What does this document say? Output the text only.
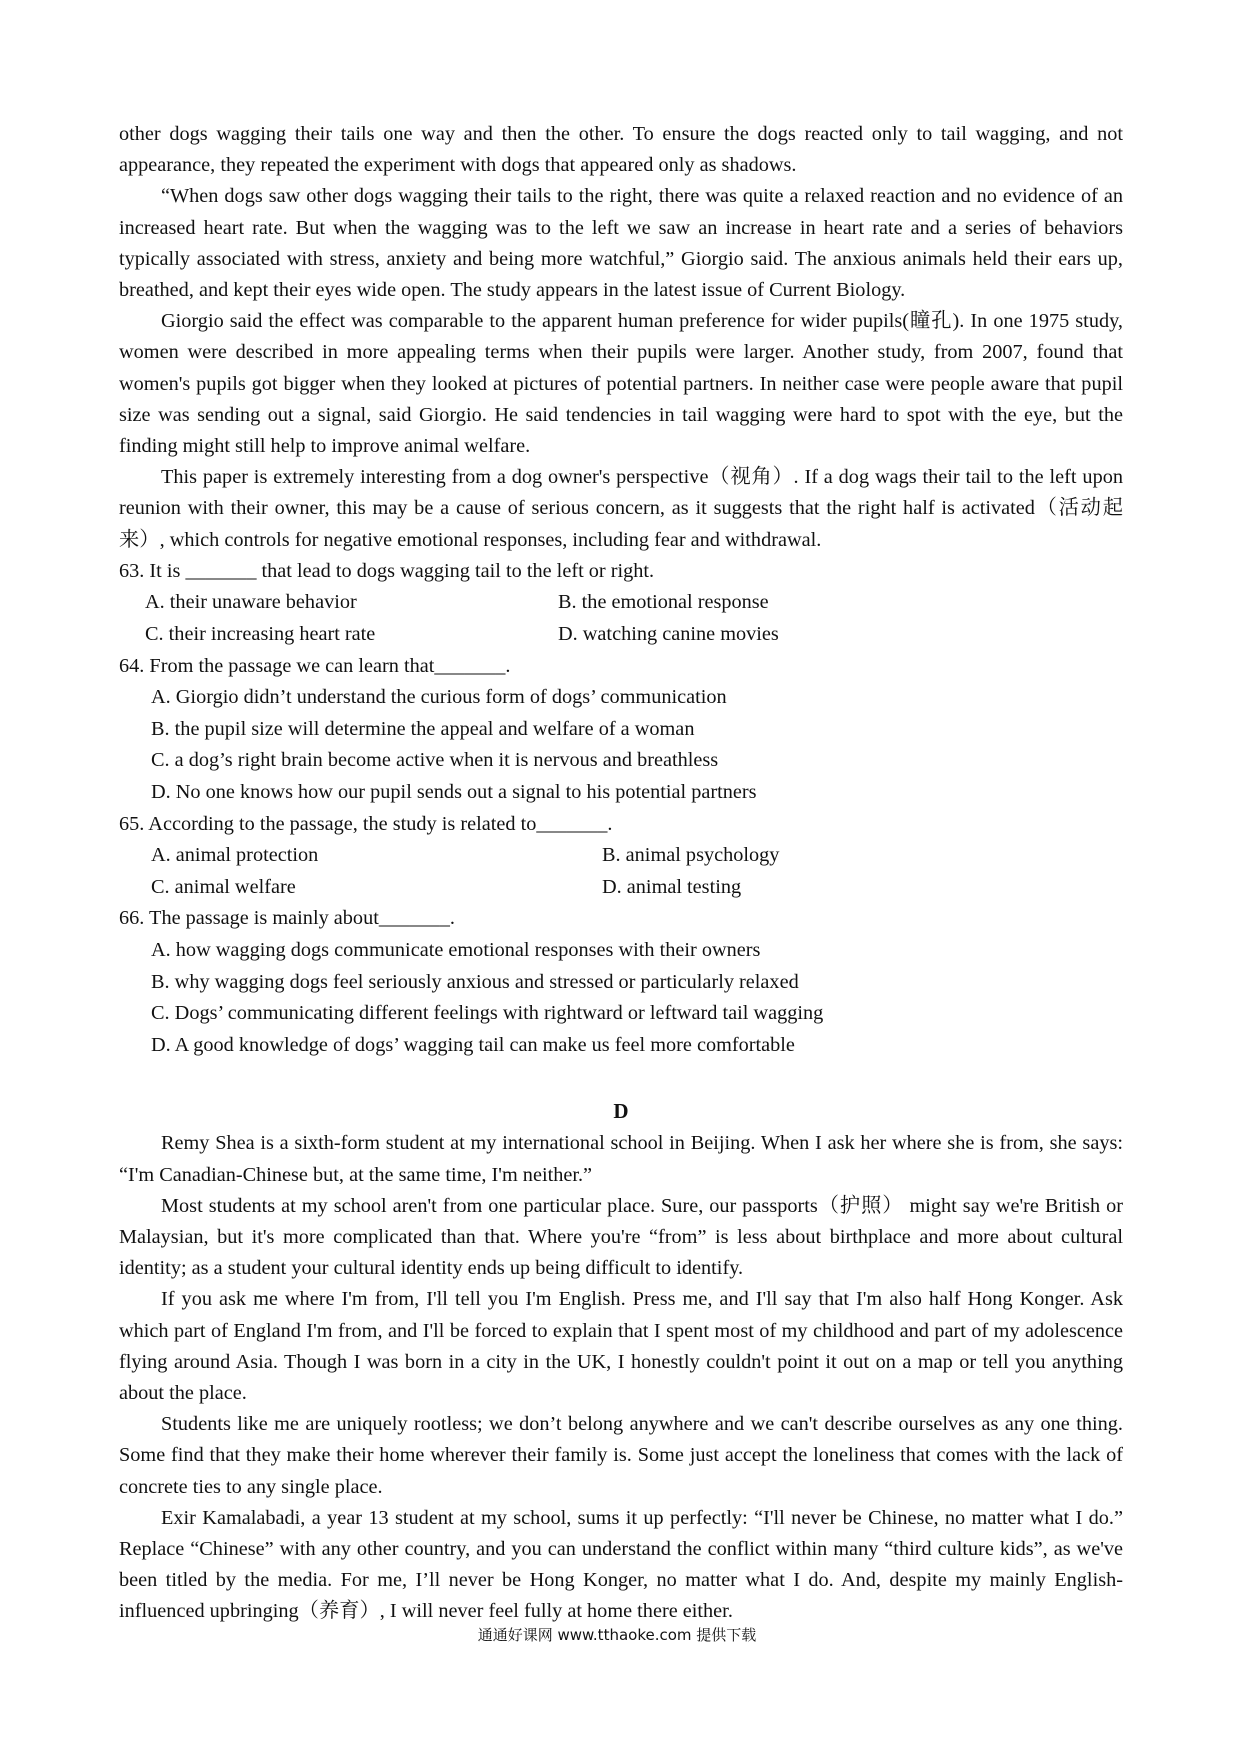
other dogs wagging their tails one way and then the other. To ensure the dogs reacted only to tail wagging, and not appearance, they repeated the experiment with dogs that appeared only as shadows.

“When dogs saw other dogs wagging their tails to the right, there was quite a relaxed reaction and no evidence of an increased heart rate. But when the wagging was to the left we saw an increase in heart rate and a series of behaviors typically associated with stress, anxiety and being more watchful,” Giorgio said. The anxious animals held their ears up, breathed, and kept their eyes wide open. The study appears in the latest issue of Current Biology.

Giorgio said the effect was comparable to the apparent human preference for wider pupils(瞳孔). In one 1975 study, women were described in more appealing terms when their pupils were larger. Another study, from 2007, found that women's pupils got bigger when they looked at pictures of potential partners. In neither case were people aware that pupil size was sending out a signal, said Giorgio. He said tendencies in tail wagging were hard to spot with the eye, but the finding might still help to improve animal welfare.

This paper is extremely interesting from a dog owner's perspective（视角）. If a dog wags their tail to the left upon reunion with their owner, this may be a cause of serious concern, as it suggests that the right half is activated（活动起来）, which controls for negative emotional responses, including fear and withdrawal.

63. It is _______ that lead to dogs wagging tail to the left or right.

A. their unaware behavior	B. the emotional response
C. their increasing heart rate	D. watching canine movies

64. From the passage we can learn that_______.

A. Giorgio didn’t understand the curious form of dogs’ communication

B. the pupil size will determine the appeal and welfare of a woman

C. a dog’s right brain become active when it is nervous and breathless

D. No one knows how our pupil sends out a signal to his potential partners

65. According to the passage, the study is related to_______.

A. animal protection	B. animal psychology
C. animal welfare	D. animal testing

66. The passage is mainly about_______.

A. how wagging dogs communicate emotional responses with their owners

B. why wagging dogs feel seriously anxious and stressed or particularly relaxed

C. Dogs’ communicating different feelings with rightward or leftward tail wagging

D. A good knowledge of dogs’ wagging tail can make us feel more comfortable

D

Remy Shea is a sixth-form student at my international school in Beijing. When I ask her where she is from, she says: “I'm Canadian-Chinese but, at the same time, I'm neither.”

Most students at my school aren't from one particular place. Sure, our passports（护照） might say we're British or Malaysian, but it's more complicated than that. Where you're “from” is less about birthplace and more about cultural identity; as a student your cultural identity ends up being difficult to identify.

If you ask me where I'm from, I'll tell you I'm English. Press me, and I'll say that I'm also half Hong Konger. Ask which part of England I'm from, and I'll be forced to explain that I spent most of my childhood and part of my adolescence flying around Asia. Though I was born in a city in the UK, I honestly couldn't point it out on a map or tell you anything about the place.

Students like me are uniquely rootless; we don’t belong anywhere and we can't describe ourselves as any one thing. Some find that they make their home wherever their family is. Some just accept the loneliness that comes with the lack of concrete ties to any single place.

Exir Kamalabadi, a year 13 student at my school, sums it up perfectly: “I'll never be Chinese, no matter what I do.” Replace “Chinese” with any other country, and you can understand the conflict within many “third culture kids”, as we've been titled by the media. For me, I’ll never be Hong Konger, no matter what I do. And, despite my mainly English-influenced upbringing（养育）, I will never feel fully at home there either.

通通好课网 www.tthaoke.com 提供下载
